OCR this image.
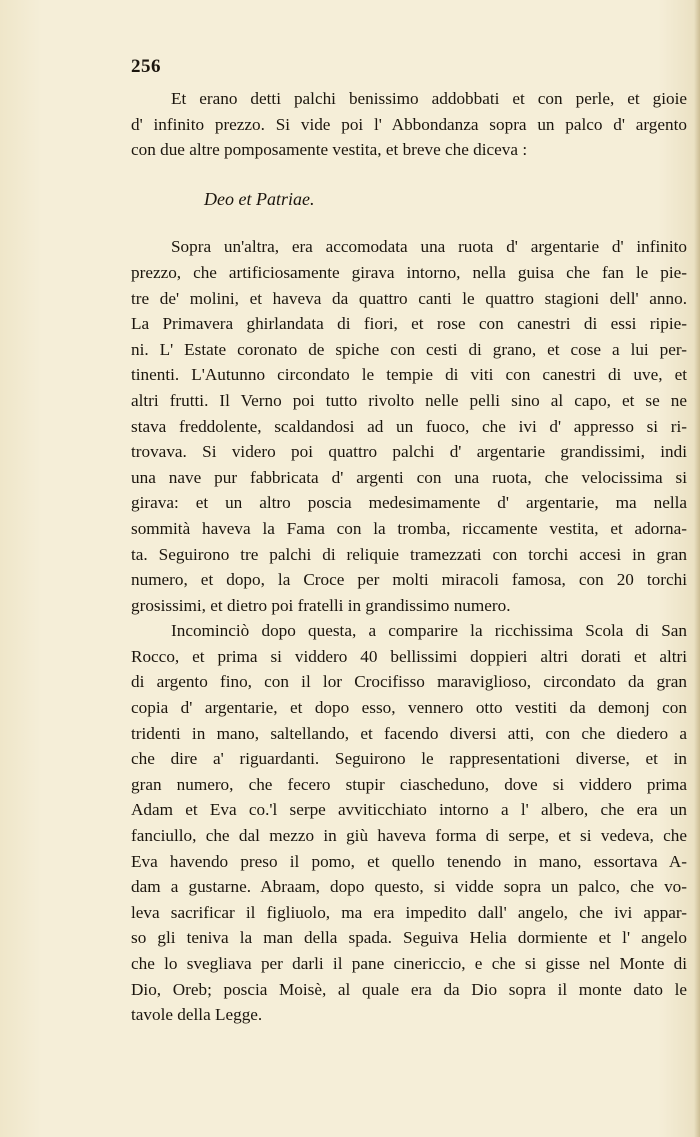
256
Et erano detti palchi benissimo addobbati et con perle, et gioie
d' infinito prezzo. Si vide poi l' Abbondanza sopra un palco d' argento
con due altre pomposamente vestita, et breve che diceva :
Deo et Patriae.
Sopra un'altra, era accomodata una ruota d' argentarie d' infinito
prezzo, che artificiosamente girava intorno, nella guisa che fan le pie-
tre de' molini, et haveva da quattro canti le quattro stagioni dell' anno.
La Primavera ghirlandata di fiori, et rose con canestri di essi ripie-
ni. L' Estate coronato de spiche con cesti di grano, et cose a lui per-
tinenti. L'Autunno circondato le tempie di viti con canestri di uve, et
altri frutti. Il Verno poi tutto rivolto nelle pelli sino al capo, et se ne
stava freddolente, scaldandosi ad un fuoco, che ivi d' appresso si ri-
trovava. Si videro poi quattro palchi d' argentarie grandissimi, indi
una nave pur fabbricata d' argenti con una ruota, che velocissima si
girava: et un altro poscia medesimamente d' argentarie, ma nella
sommità haveva la Fama con la tromba, riccamente vestita, et adorna-
ta. Seguirono tre palchi di reliquie tramezzati con torchi accesi in gran
numero, et dopo, la Croce per molti miracoli famosa, con 20 torchi
grosissimi, et dietro poi fratelli in grandissimo numero.
Incominciò dopo questa, a comparire la ricchissima Scola di San
Rocco, et prima si viddero 40 bellissimi doppieri altri dorati et altri
di argento fino, con il lor Crocifisso maraviglioso, circondato da gran
copia d' argentarie, et dopo esso, vennero otto vestiti da demonj con
tridenti in mano, saltellando, et facendo diversi atti, con che diedero a
che dire a' riguardanti. Seguirono le rappresentationi diverse, et in
gran numero, che fecero stupir ciascheduno, dove si viddero prima
Adam et Eva co.'l serpe avviticchiato intorno a l' albero, che era un
fanciullo, che dal mezzo in giù haveva forma di serpe, et si vedeva, che
Eva havendo preso il pomo, et quello tenendo in mano, essortava A-
dam a gustarne. Abraam, dopo questo, si vidde sopra un palco, che vo-
leva sacrificar il figliuolo, ma era impedito dall' angelo, che ivi appar-
so gli teniva la man della spada. Seguiva Helia dormiente et l' angelo
che lo svegliava per darli il pane cinericcio, e che si gisse nel Monte di
Dio, Oreb; poscia Moisè, al quale era da Dio sopra il monte dato le
tavole della Legge.
